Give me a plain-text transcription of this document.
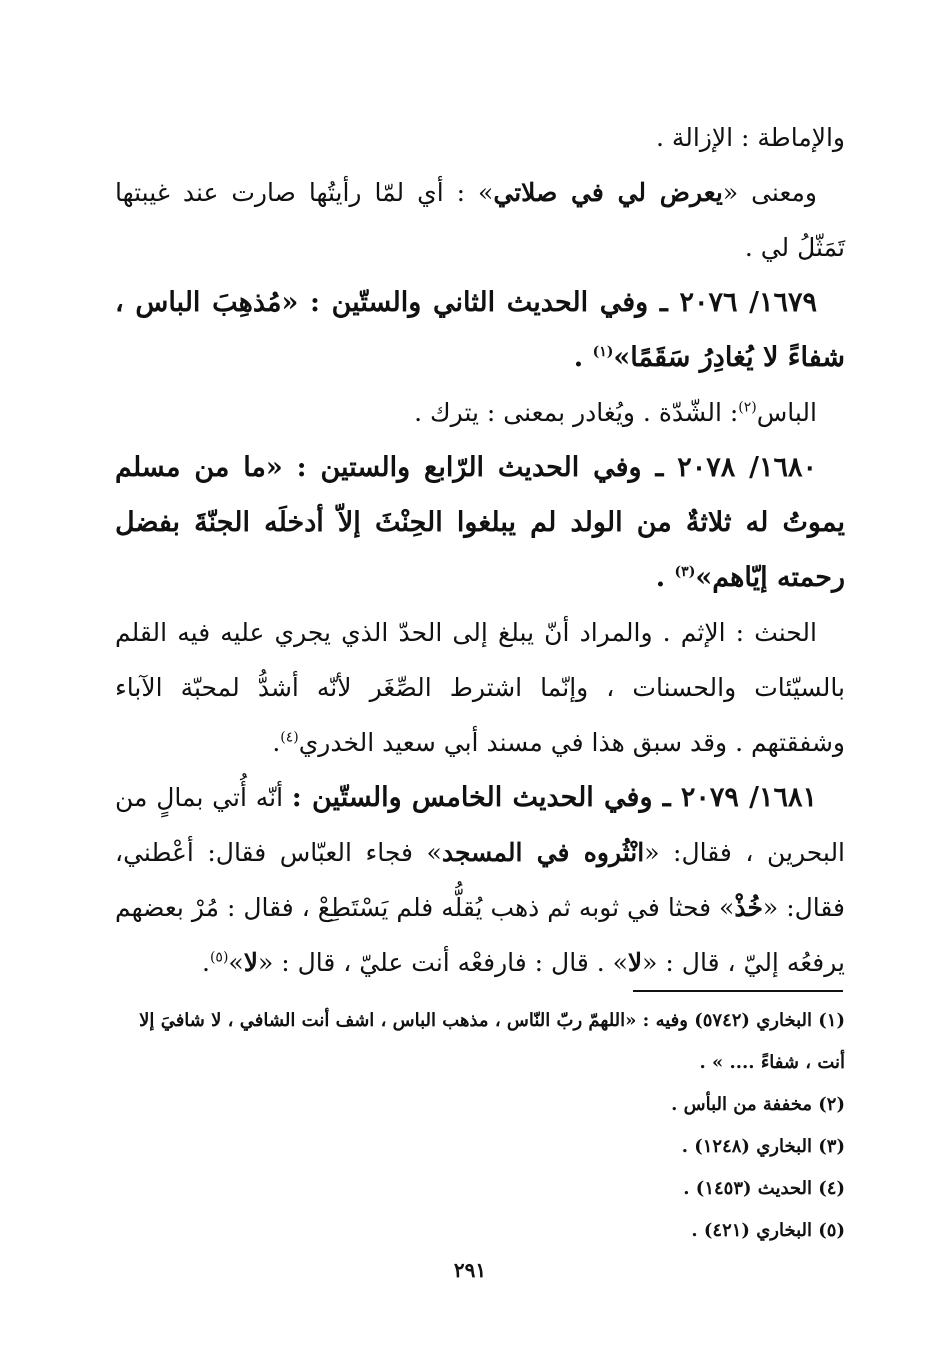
والإماطة : الإزالة .

ومعنى «يعرض لي في صلاتي» : أي لمّا رأيتُها صارت عند غيبتها تَمَثّلُ لي .

١٦٧٩/ ٢٠٧٦ ـ وفي الحديث الثاني والستّين : «مُذهِبَ الباس ، شفاءً لا يُغادِرُ سَقَمًا»$^{(١)}$ .

الباس$^{(٢)}$: الشّدّة . ويُغادر بمعنى : يترك .

١٦٨٠/ ٢٠٧٨ ـ وفي الحديث الرّابع والستين : «ما من مسلم يموتُ له ثلاثةٌ من الولد لم يبلغوا الحِنْثَ إلاّ أدخلَه الجنّةَ بفضل رحمته إيّاهم»$^{(٣)}$ .

الحنث : الإثم . والمراد أنّ يبلغ إلى الحدّ الذي يجري عليه فيه القلم بالسيّئات والحسنات ، وإنّما اشترط الصِّغَر لأنّه أشدُّ لمحبّة الآباء وشفقتهم . وقد سبق هذا في مسند أبي سعيد الخدري$^{(٤)}$.

١٦٨١/ ٢٠٧٩ ـ وفي الحديث الخامس والستّين : أنّه أُتي بمالٍ من البحرين ، فقال: «انْثُروه في المسجد» فجاء العبّاس فقال: أعْطني، فقال: «خُذْ» فحثا في ثوبه ثم ذهب يُقلُّه فلم يَسْتَطِعْ ، فقال : مُرْ بعضهم يرفعُه إليّ ، قال : «لا» . قال : فارفعْه أنت عليّ ، قال : «لا»$^{(٥)}$.

(١) البخاري (٥٧٤٢) وفيه : «اللهمّ ربّ النّاس ، مذهب الباس ، اشف أنت الشافي ، لا شافيَ إلا أنت ، شفاءً .... » .

(٢) مخففة من البأس .

(٣) البخاري (١٢٤٨) .

(٤) الحديث (١٤٥٣) .

(٥) البخاري (٤٢١) .

٢٩١
